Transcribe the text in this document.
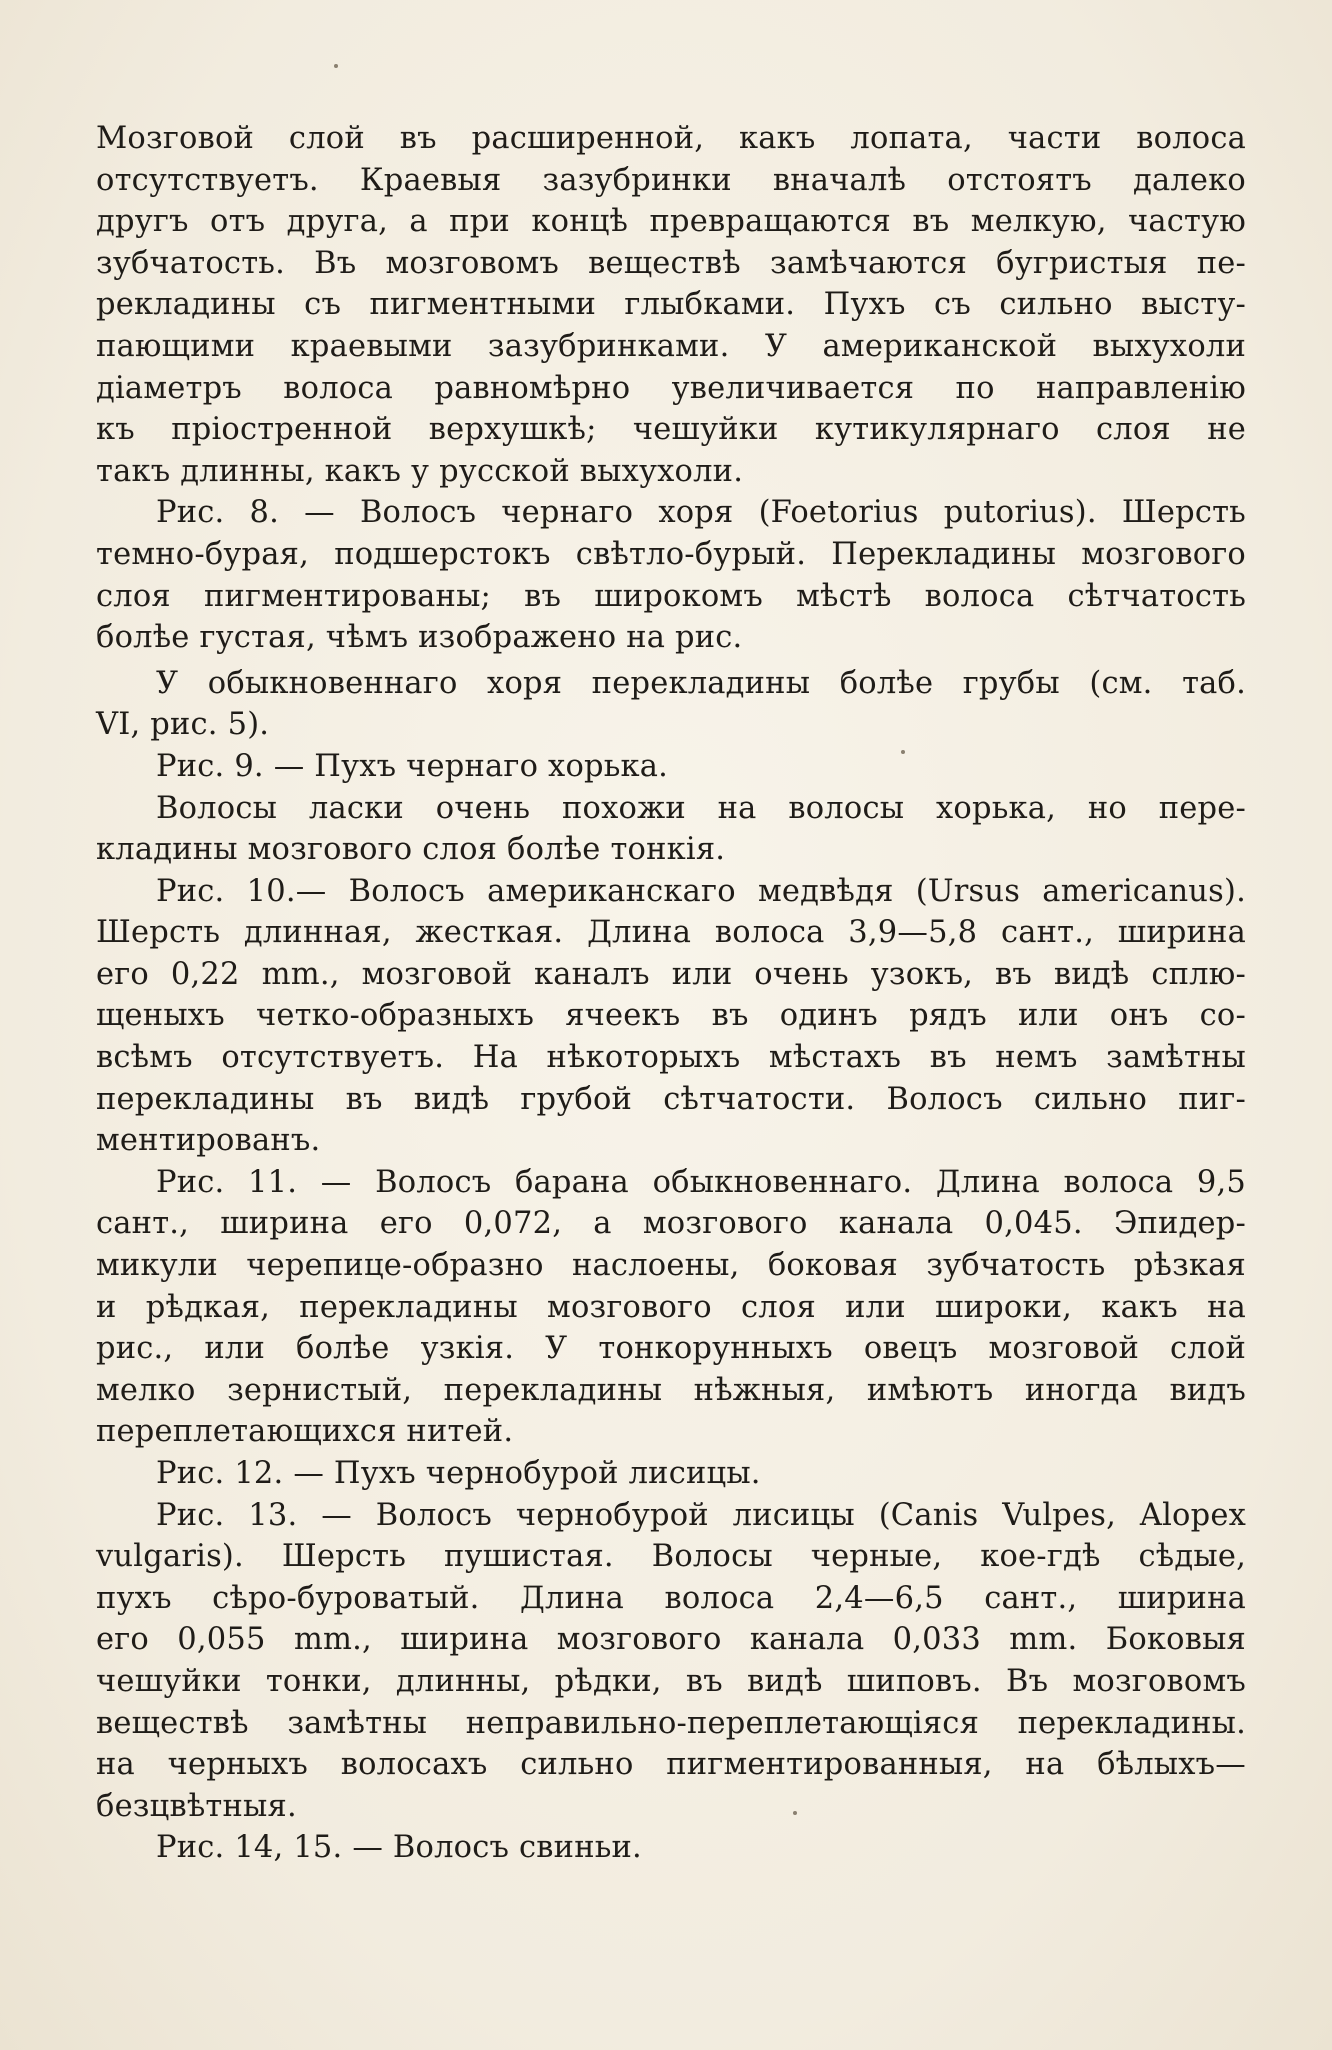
Мозговой слой въ расширенной, какъ лопата, части волоса
отсутствуетъ. Краевыя зазубринки вначалѣ отстоятъ далеко
другъ отъ друга, а при концѣ превращаются въ мелкую, частую
зубчатость. Въ мозговомъ веществѣ замѣчаются бугристыя пе-
рекладины съ пигментными глыбками. Пухъ съ сильно высту-
пающими краевыми зазубринками. У американской выхухоли
діаметръ волоса равномѣрно увеличивается по направленію
къ пріостренной верхушкѣ; чешуйки кутикулярнаго слоя не
такъ длинны, какъ у русской выхухоли.
Рис. 8. — Волосъ чернаго хоря (Foetorius putorius). Шерсть
темно-бурая, подшерстокъ свѣтло-бурый. Перекладины мозгового
слоя пигментированы; въ широкомъ мѣстѣ волоса сѣтчатость
болѣе густая, чѣмъ изображено на рис.
У обыкновеннаго хоря перекладины болѣе грубы (см. таб.
VI, рис. 5).
Рис. 9. — Пухъ чернаго хорька.
Волосы ласки очень похожи на волосы хорька, но пере-
кладины мозгового слоя болѣе тонкія.
Рис. 10.— Волосъ американскаго медвѣдя (Ursus americanus).
Шерсть длинная, жесткая. Длина волоса 3,9—5,8 сант., ширина
его 0,22 mm., мозговой каналъ или очень узокъ, въ видѣ сплю-
щеныхъ четко-образныхъ ячеекъ въ одинъ рядъ или онъ со-
всѣмъ отсутствуетъ. На нѣкоторыхъ мѣстахъ въ немъ замѣтны
перекладины въ видѣ грубой сѣтчатости. Волосъ сильно пиг-
ментированъ.
Рис. 11. — Волосъ барана обыкновеннаго. Длина волоса 9,5
сант., ширина его 0,072, а мозгового канала 0,045. Эпидер-
микули черепице-образно наслоены, боковая зубчатость рѣзкая
и рѣдкая, перекладины мозгового слоя или широки, какъ на
рис., или болѣе узкія. У тонкорунныхъ овецъ мозговой слой
мелко зернистый, перекладины нѣжныя, имѣютъ иногда видъ
переплетающихся нитей.
Рис. 12. — Пухъ чернобурой лисицы.
Рис. 13. — Волосъ чернобурой лисицы (Canis Vulpes, Alopex
vulgaris). Шерсть пушистая. Волосы черные, кое-гдѣ сѣдые,
пухъ сѣро-буроватый. Длина волоса 2,4—6,5 сант., ширина
его 0,055 mm., ширина мозгового канала 0,033 mm. Боковыя
чешуйки тонки, длинны, рѣдки, въ видѣ шиповъ. Въ мозговомъ
веществѣ замѣтны неправильно-переплетающіяся перекладины.
на черныхъ волосахъ сильно пигментированныя, на бѣлыхъ—
безцвѣтныя.
Рис. 14, 15. — Волосъ свиньи.
